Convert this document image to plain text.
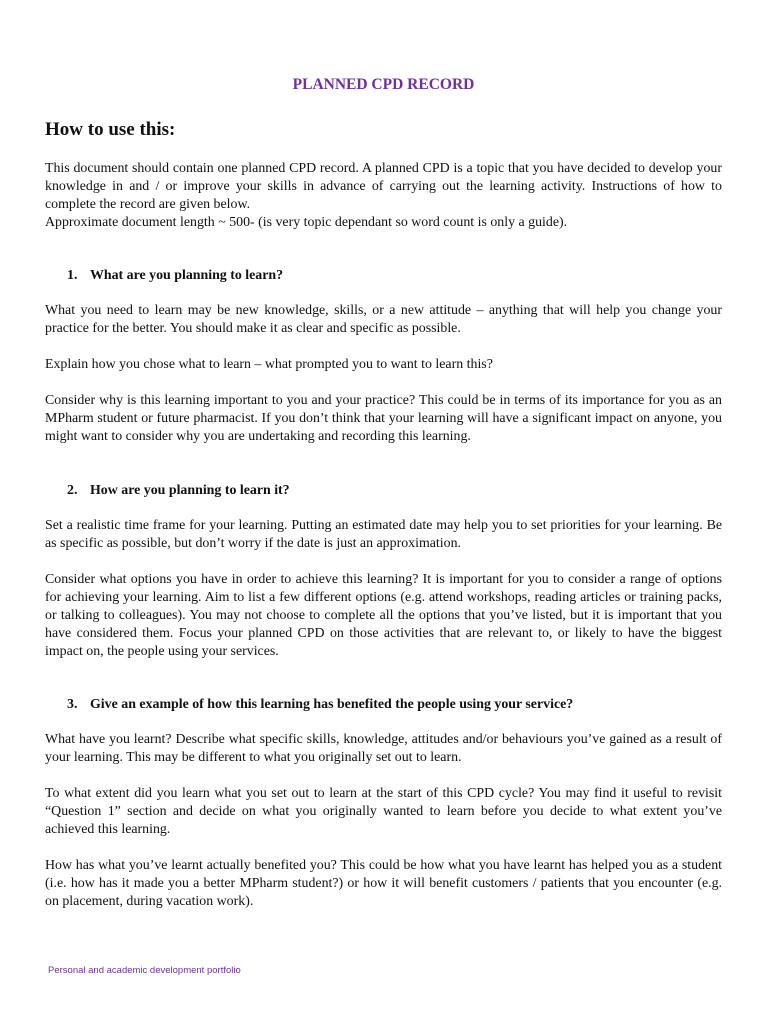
PLANNED CPD RECORD
How to use this:

This document should contain one planned CPD record. A planned CPD is a topic that you have decided to develop your knowledge in and / or improve your skills in advance of carrying out the learning activity. Instructions of how to complete the record are given below.

Approximate document length ~ 500- (is very topic dependant so word count is only a guide).

1. What are you planning to learn?

What you need to learn may be new knowledge, skills, or a new attitude – anything that will help you change your practice for the better. You should make it as clear and specific as possible.

Explain how you chose what to learn – what prompted you to want to learn this?

Consider why is this learning important to you and your practice? This could be in terms of its importance for you as an MPharm student or future pharmacist. If you don’t think that your learning will have a significant impact on anyone, you might want to consider why you are undertaking and recording this learning.

2. How are you planning to learn it?

Set a realistic time frame for your learning. Putting an estimated date may help you to set priorities for your learning. Be as specific as possible, but don’t worry if the date is just an approximation.

Consider what options you have in order to achieve this learning? It is important for you to consider a range of options for achieving your learning. Aim to list a few different options (e.g. attend workshops, reading articles or training packs, or talking to colleagues). You may not choose to complete all the options that you’ve listed, but it is important that you have considered them. Focus your planned CPD on those activities that are relevant to, or likely to have the biggest impact on, the people using your services.

3. Give an example of how this learning has benefited the people using your service?

What have you learnt? Describe what specific skills, knowledge, attitudes and/or behaviours you’ve gained as a result of your learning. This may be different to what you originally set out to learn.

To what extent did you learn what you set out to learn at the start of this CPD cycle? You may find it useful to revisit “Question 1” section and decide on what you originally wanted to learn before you decide to what extent you’ve achieved this learning.

How has what you’ve learnt actually benefited you? This could be how what you have learnt has helped you as a student (i.e. how has it made you a better MPharm student?) or how it will benefit customers / patients that you encounter (e.g. on placement, during vacation work).

Personal and academic development portfolio
